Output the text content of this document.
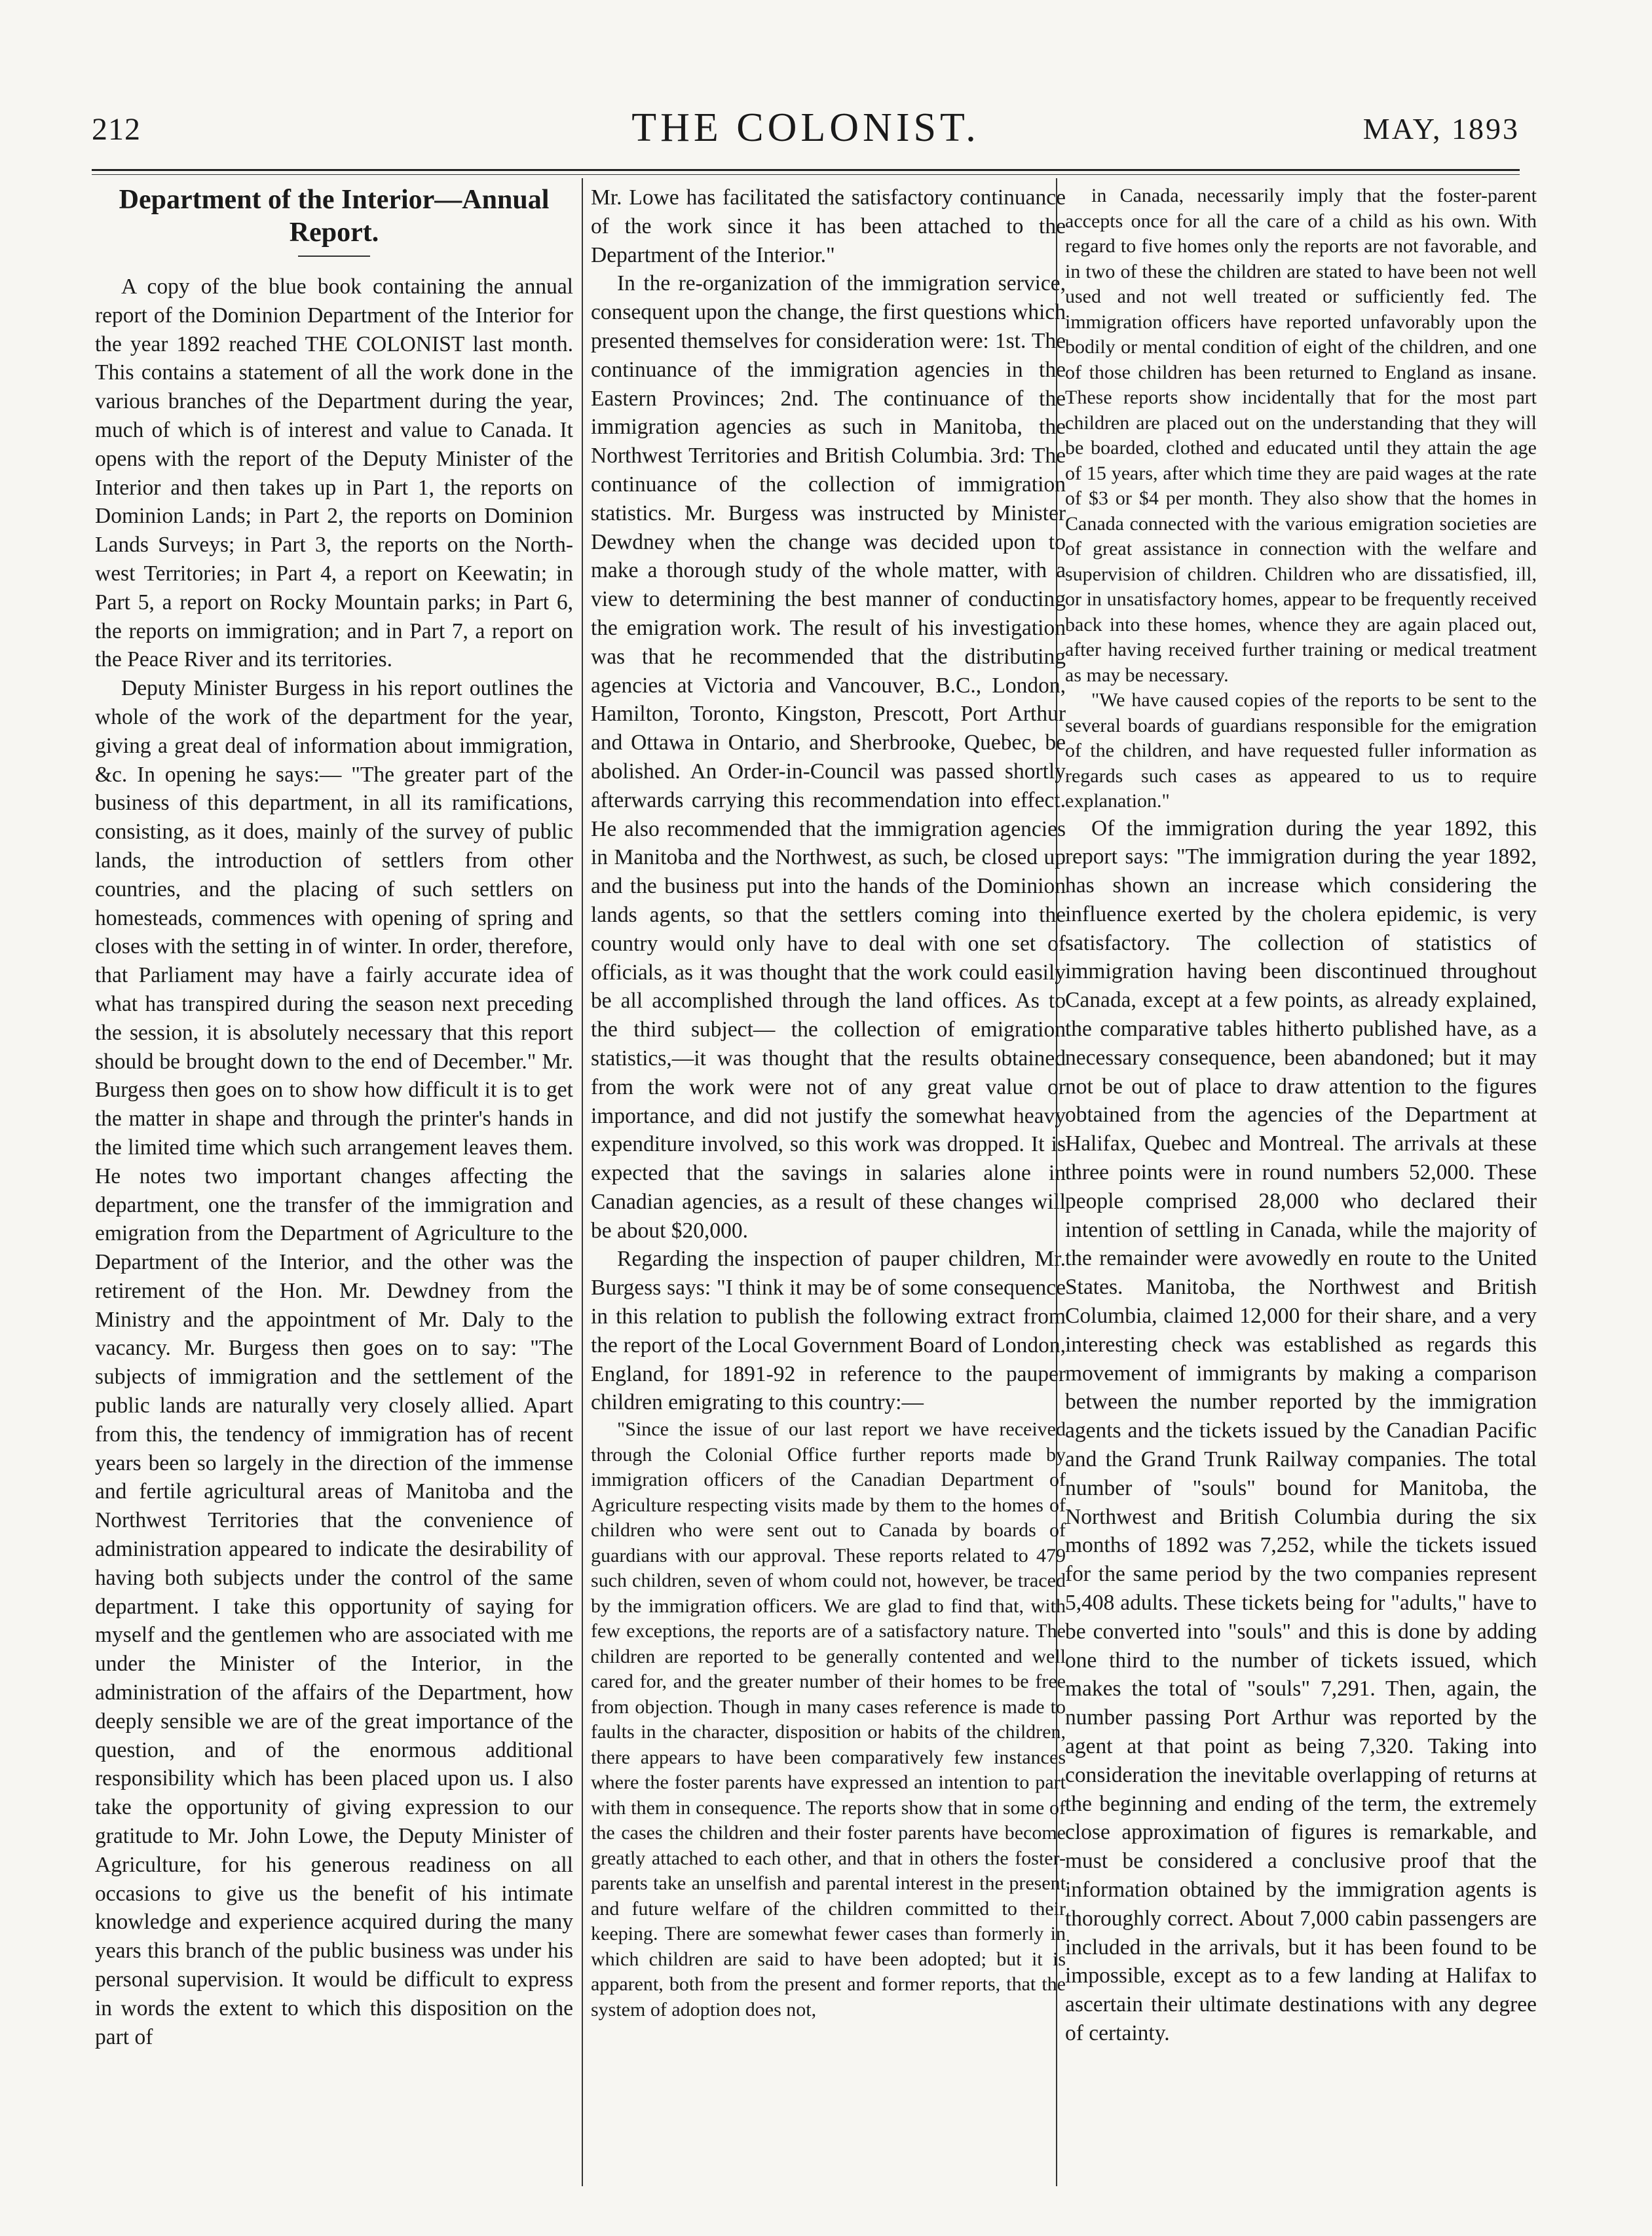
212	THE COLONIST.	MAY, 1893
Department of the Interior—Annual Report.

A copy of the blue book containing the annual report of the Dominion Department of the Interior for the year 1892 reached THE COLONIST last month. This contains a statement of all the work done in the various branches of the Department during the year, much of which is of interest and value to Canada. It opens with the report of the Deputy Minister of the Interior and then takes up in Part 1, the reports on Dominion Lands; in Part 2, the reports on Dominion Lands Surveys; in Part 3, the reports on the North-west Territories; in Part 4, a report on Keewatin; in Part 5, a report on Rocky Mountain parks; in Part 6, the reports on immigration; and in Part 7, a report on the Peace River and its territories.

Deputy Minister Burgess in his report outlines the whole of the work of the department for the year, giving a great deal of information about immigration, &c. In opening he says:— "The greater part of the business of this department, in all its ramifications, consisting, as it does, mainly of the survey of public lands, the introduction of settlers from other countries, and the placing of such settlers on homesteads, commences with opening of spring and closes with the setting in of winter. In order, therefore, that Parliament may have a fairly accurate idea of what has transpired during the season next preceding the session, it is absolutely necessary that this report should be brought down to the end of December." Mr. Burgess then goes on to show how difficult it is to get the matter in shape and through the printer's hands in the limited time which such arrangement leaves them. He notes two important changes affecting the department, one the transfer of the immigration and emigration from the Department of Agriculture to the Department of the Interior, and the other was the retirement of the Hon. Mr. Dewdney from the Ministry and the appointment of Mr. Daly to the vacancy. Mr. Burgess then goes on to say: "The subjects of immigration and the settlement of the public lands are naturally very closely allied. Apart from this, the tendency of immigration has of recent years been so largely in the direction of the immense and fertile agricultural areas of Manitoba and the Northwest Territories that the convenience of administration appeared to indicate the desirability of having both subjects under the control of the same department. I take this opportunity of saying for myself and the gentlemen who are associated with me under the Minister of the Interior, in the administration of the affairs of the Department, how deeply sensible we are of the great importance of the question, and of the enormous additional responsibility which has been placed upon us. I also take the opportunity of giving expression to our gratitude to Mr. John Lowe, the Deputy Minister of Agriculture, for his generous readiness on all occasions to give us the benefit of his intimate knowledge and experience acquired during the many years this branch of the public business was under his personal supervision. It would be difficult to express in words the extent to which this disposition on the part of

Mr. Lowe has facilitated the satisfactory continuance of the work since it has been attached to the Department of the Interior."

In the re-organization of the immigration service, consequent upon the change, the first questions which presented themselves for consideration were: 1st. The continuance of the immigration agencies in the Eastern Provinces; 2nd. The continuance of the immigration agencies as such in Manitoba, the Northwest Territories and British Columbia. 3rd: The continuance of the collection of immigration statistics. Mr. Burgess was instructed by Minister Dewdney when the change was decided upon to make a thorough study of the whole matter, with a view to determining the best manner of conducting the emigration work. The result of his investigation was that he recommended that the distributing agencies at Victoria and Vancouver, B.C., London, Hamilton, Toronto, Kingston, Prescott, Port Arthur and Ottawa in Ontario, and Sherbrooke, Quebec, be abolished. An Order-in-Council was passed shortly afterwards carrying this recommendation into effect. He also recommended that the immigration agencies in Manitoba and the Northwest, as such, be closed up and the business put into the hands of the Dominion lands agents, so that the settlers coming into the country would only have to deal with one set of officials, as it was thought that the work could easily be all accomplished through the land offices. As to the third subject— the collection of emigration statistics,—it was thought that the results obtained from the work were not of any great value or importance, and did not justify the somewhat heavy expenditure involved, so this work was dropped. It is expected that the savings in salaries alone in Canadian agencies, as a result of these changes will be about $20,000.

Regarding the inspection of pauper children, Mr. Burgess says: "I think it may be of some consequence in this relation to publish the following extract from the report of the Local Government Board of London, England, for 1891-92 in reference to the pauper children emigrating to this country:—

"Since the issue of our last report we have received through the Colonial Office further reports made by immigration officers of the Canadian Department of Agriculture respecting visits made by them to the homes of children who were sent out to Canada by boards of guardians with our approval. These reports related to 479 such children, seven of whom could not, however, be traced by the immigration officers. We are glad to find that, with few exceptions, the reports are of a satisfactory nature. The children are reported to be generally contented and well cared for, and the greater number of their homes to be free from objection. Though in many cases reference is made to faults in the character, disposition or habits of the children, there appears to have been comparatively few instances where the foster parents have expressed an intention to part with them in consequence. The reports show that in some of the cases the children and their foster parents have become greatly attached to each other, and that in others the foster-parents take an unselfish and parental interest in the present and future welfare of the children committed to their keeping. There are somewhat fewer cases than formerly in which children are said to have been adopted; but it is apparent, both from the present and former reports, that the system of adoption does not,

in Canada, necessarily imply that the foster-parent accepts once for all the care of a child as his own. With regard to five homes only the reports are not favorable, and in two of these the children are stated to have been not well used and not well treated or sufficiently fed. The immigration officers have reported unfavorably upon the bodily or mental condition of eight of the children, and one of those children has been returned to England as insane. These reports show incidentally that for the most part children are placed out on the understanding that they will be boarded, clothed and educated until they attain the age of 15 years, after which time they are paid wages at the rate of $3 or $4 per month. They also show that the homes in Canada connected with the various emigration societies are of great assistance in connection with the welfare and supervision of children. Children who are dissatisfied, ill, or in unsatisfactory homes, appear to be frequently received back into these homes, whence they are again placed out, after having received further training or medical treatment as may be necessary.

"We have caused copies of the reports to be sent to the several boards of guardians responsible for the emigration of the children, and have requested fuller information as regards such cases as appeared to us to require explanation."

Of the immigration during the year 1892, this report says: "The immigration during the year 1892, has shown an increase which considering the influence exerted by the cholera epidemic, is very satisfactory. The collection of statistics of immigration having been discontinued throughout Canada, except at a few points, as already explained, the comparative tables hitherto published have, as a necessary consequence, been abandoned; but it may not be out of place to draw attention to the figures obtained from the agencies of the Department at Halifax, Quebec and Montreal. The arrivals at these three points were in round numbers 52,000. These people comprised 28,000 who declared their intention of settling in Canada, while the majority of the remainder were avowedly en route to the United States. Manitoba, the Northwest and British Columbia, claimed 12,000 for their share, and a very interesting check was established as regards this movement of immigrants by making a comparison between the number reported by the immigration agents and the tickets issued by the Canadian Pacific and the Grand Trunk Railway companies. The total number of "souls" bound for Manitoba, the Northwest and British Columbia during the six months of 1892 was 7,252, while the tickets issued for the same period by the two companies represent 5,408 adults. These tickets being for "adults," have to be converted into "souls" and this is done by adding one third to the number of tickets issued, which makes the total of "souls" 7,291. Then, again, the number passing Port Arthur was reported by the agent at that point as being 7,320. Taking into consideration the inevitable overlapping of returns at the beginning and ending of the term, the extremely close approximation of figures is remarkable, and must be considered a conclusive proof that the information obtained by the immigration agents is thoroughly correct. About 7,000 cabin passengers are included in the arrivals, but it has been found to be impossible, except as to a few landing at Halifax to ascertain their ultimate destinations with any degree of certainty.
